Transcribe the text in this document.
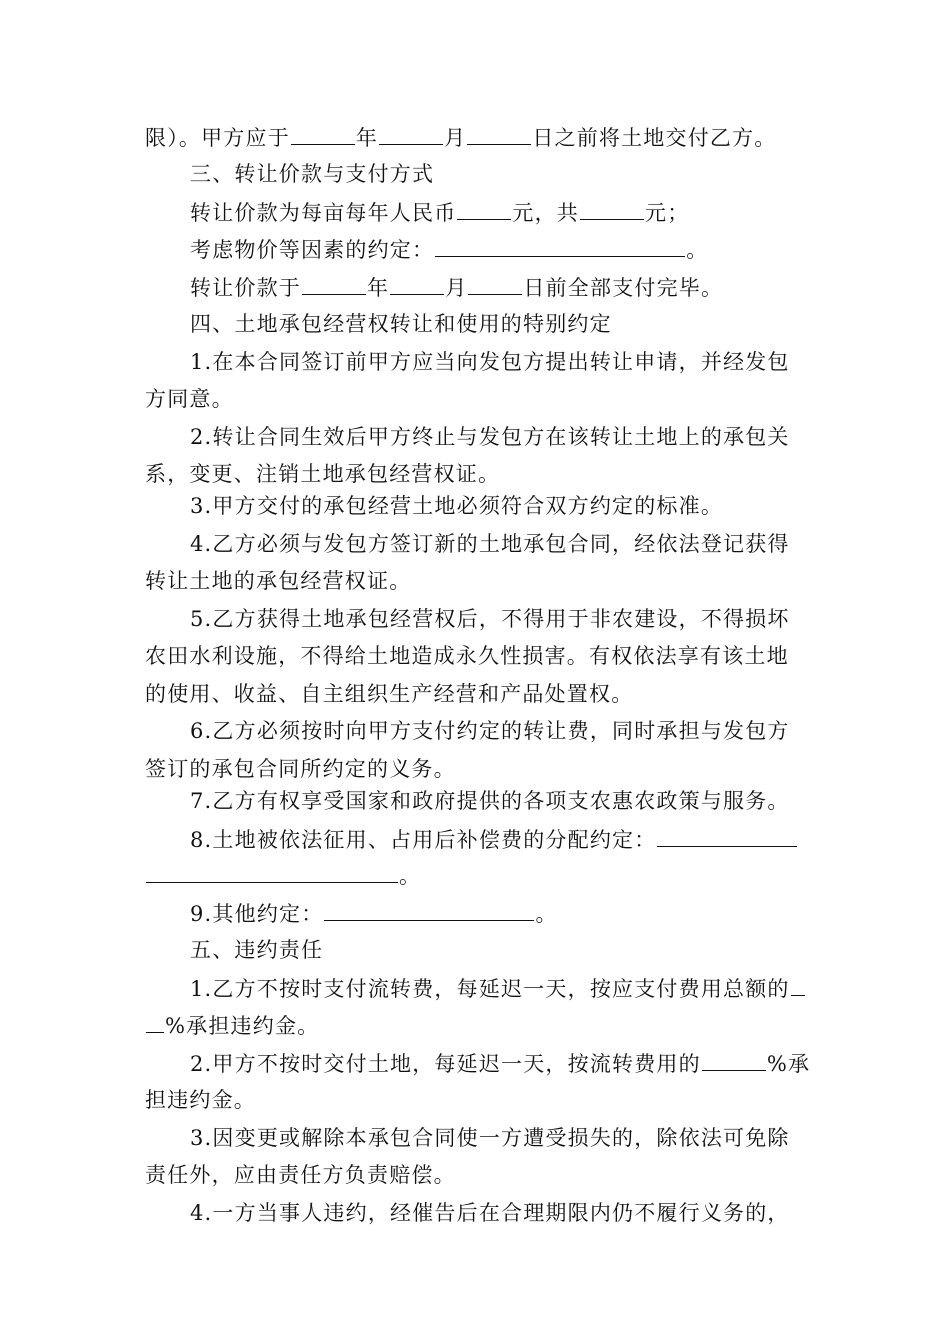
限）。甲方应于	年	月	日之前将土地交付乙方。
三、转让价款与支付方式
转让价款为每亩每年人民币	元，共	元；
考虑物价等因素的约定：	。
转让价款于	年	月	日前全部支付完毕。
四、土地承包经营权转让和使用的特别约定
1.在本合同签订前甲方应当向发包方提出转让申请，并经发包
方同意。
2.转让合同生效后甲方终止与发包方在该转让土地上的承包关
系，变更、注销土地承包经营权证。
3.甲方交付的承包经营土地必须符合双方约定的标准。
4.乙方必须与发包方签订新的土地承包合同，经依法登记获得
转让土地的承包经营权证。
5.乙方获得土地承包经营权后，不得用于非农建设，不得损坏
农田水利设施，不得给土地造成永久性损害。有权依法享有该土地
的使用、收益、自主组织生产经营和产品处置权。
6.乙方必须按时向甲方支付约定的转让费，同时承担与发包方
签订的承包合同所约定的义务。
7.乙方有权享受国家和政府提供的各项支农惠农政策与服务。
8.土地被依法征用、占用后补偿费的分配约定：
。
9.其他约定：	。
五、违约责任
1.乙方不按时支付流转费，每延迟一天，按应支付费用总额的
%承担违约金。
2.甲方不按时交付土地，每延迟一天，按流转费用的	%承
担违约金。
3.因变更或解除本承包合同使一方遭受损失的，除依法可免除
责任外，应由责任方负责赔偿。
4.一方当事人违约，经催告后在合理期限内仍不履行义务的，
